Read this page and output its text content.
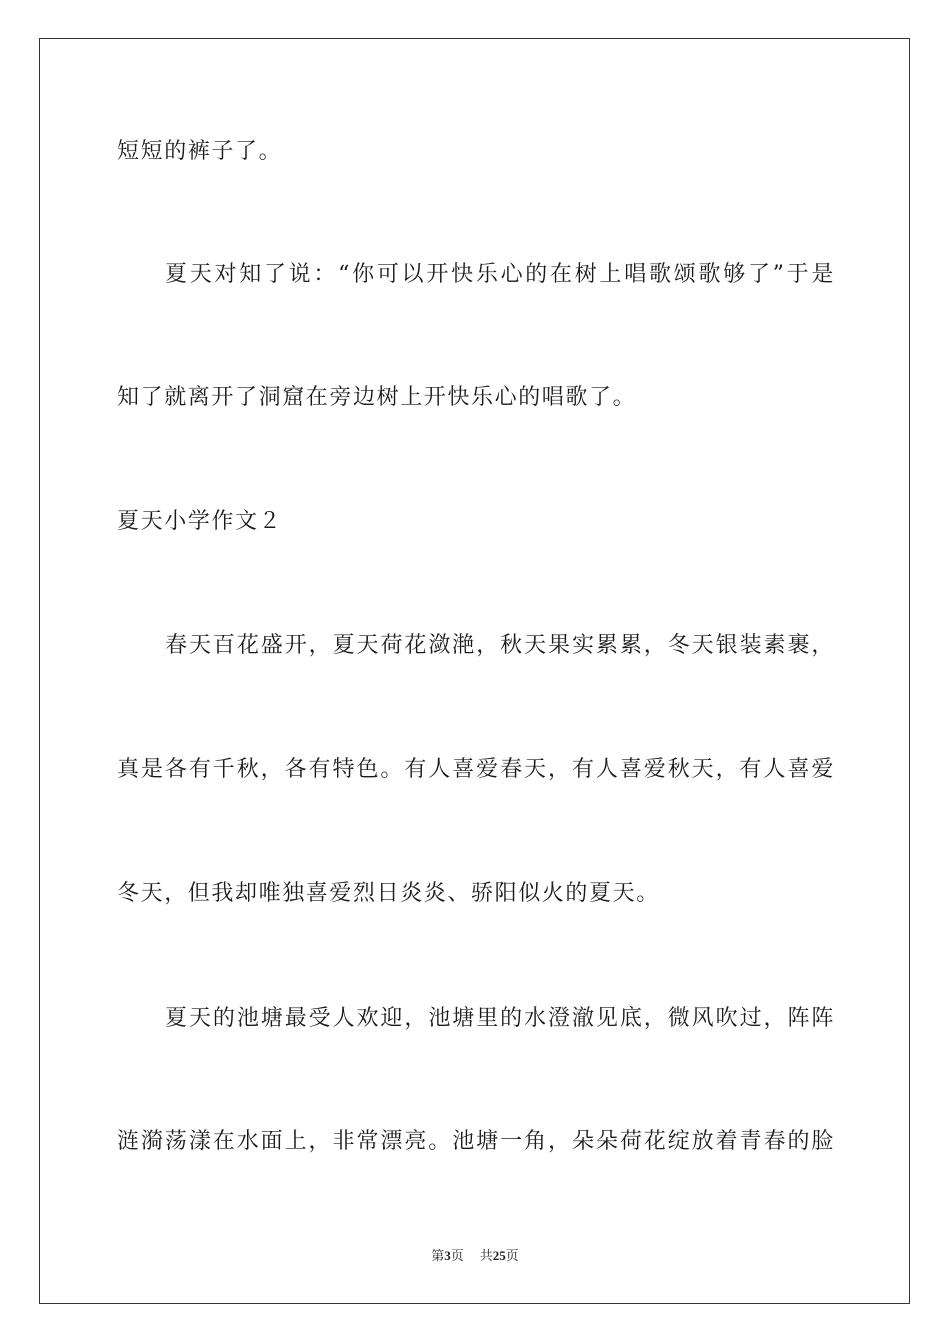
短短的裤子了。
夏天对知了说：“你可以开快乐心的在树上唱歌颂歌够了”于是
知了就离开了洞窟在旁边树上开快乐心的唱歌了。
夏天小学作文２
春天百花盛开，夏天荷花潋滟，秋天果实累累，冬天银装素裹，
真是各有千秋，各有特色。有人喜爱春天，有人喜爱秋天，有人喜爱
冬天，但我却唯独喜爱烈日炎炎、骄阳似火的夏天。
夏天的池塘最受人欢迎，池塘里的水澄澈见底，微风吹过，阵阵
涟漪荡漾在水面上，非常漂亮。池塘一角，朵朵荷花绽放着青春的脸
第3页 共25页
